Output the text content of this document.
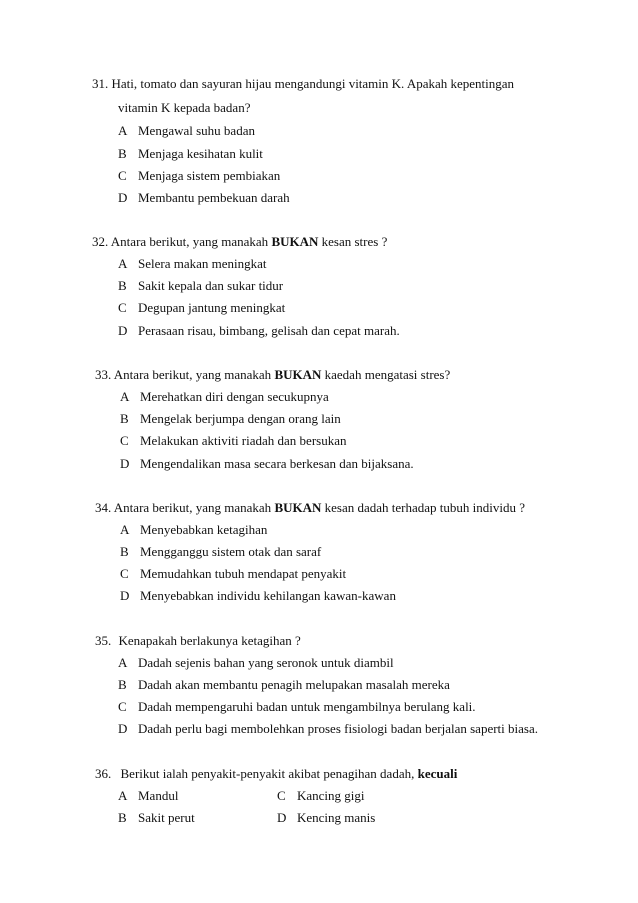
31. Hati, tomato dan sayuran hijau mengandungi vitamin K. Apakah kepentingan
vitamin K kepada badan?
A Mengawal suhu badan
B Menjaga kesihatan kulit
C Menjaga sistem pembiakan
D Membantu pembekuan darah
32. Antara berikut, yang manakah BUKAN kesan stres ?
A Selera makan meningkat
B Sakit kepala dan sukar tidur
C Degupan jantung meningkat
D Perasaan risau, bimbang, gelisah dan cepat marah.
33. Antara berikut, yang manakah BUKAN kaedah mengatasi stres?
A Merehatkan diri dengan secukupnya
B Mengelak berjumpa dengan orang lain
C Melakukan aktiviti riadah dan bersukan
D Mengendalikan masa secara berkesan dan bijaksana.
34. Antara berikut, yang manakah BUKAN kesan dadah terhadap tubuh individu ?
A Menyebabkan ketagihan
B Mengganggu sistem otak dan saraf
C Memudahkan tubuh mendapat penyakit
D Menyebabkan individu kehilangan kawan-kawan
35. Kenapakah berlakunya ketagihan ?
A Dadah sejenis bahan yang seronok untuk diambil
B Dadah akan membantu penagih melupakan masalah mereka
C Dadah mempengaruhi badan untuk mengambilnya berulang kali.
D Dadah perlu bagi membolehkan proses fisiologi badan berjalan saperti biasa.
36. Berikut ialah penyakit-penyakit akibat penagihan dadah, kecuali
A Mandul
B Sakit perut
C Kancing gigi
D Kencing manis
